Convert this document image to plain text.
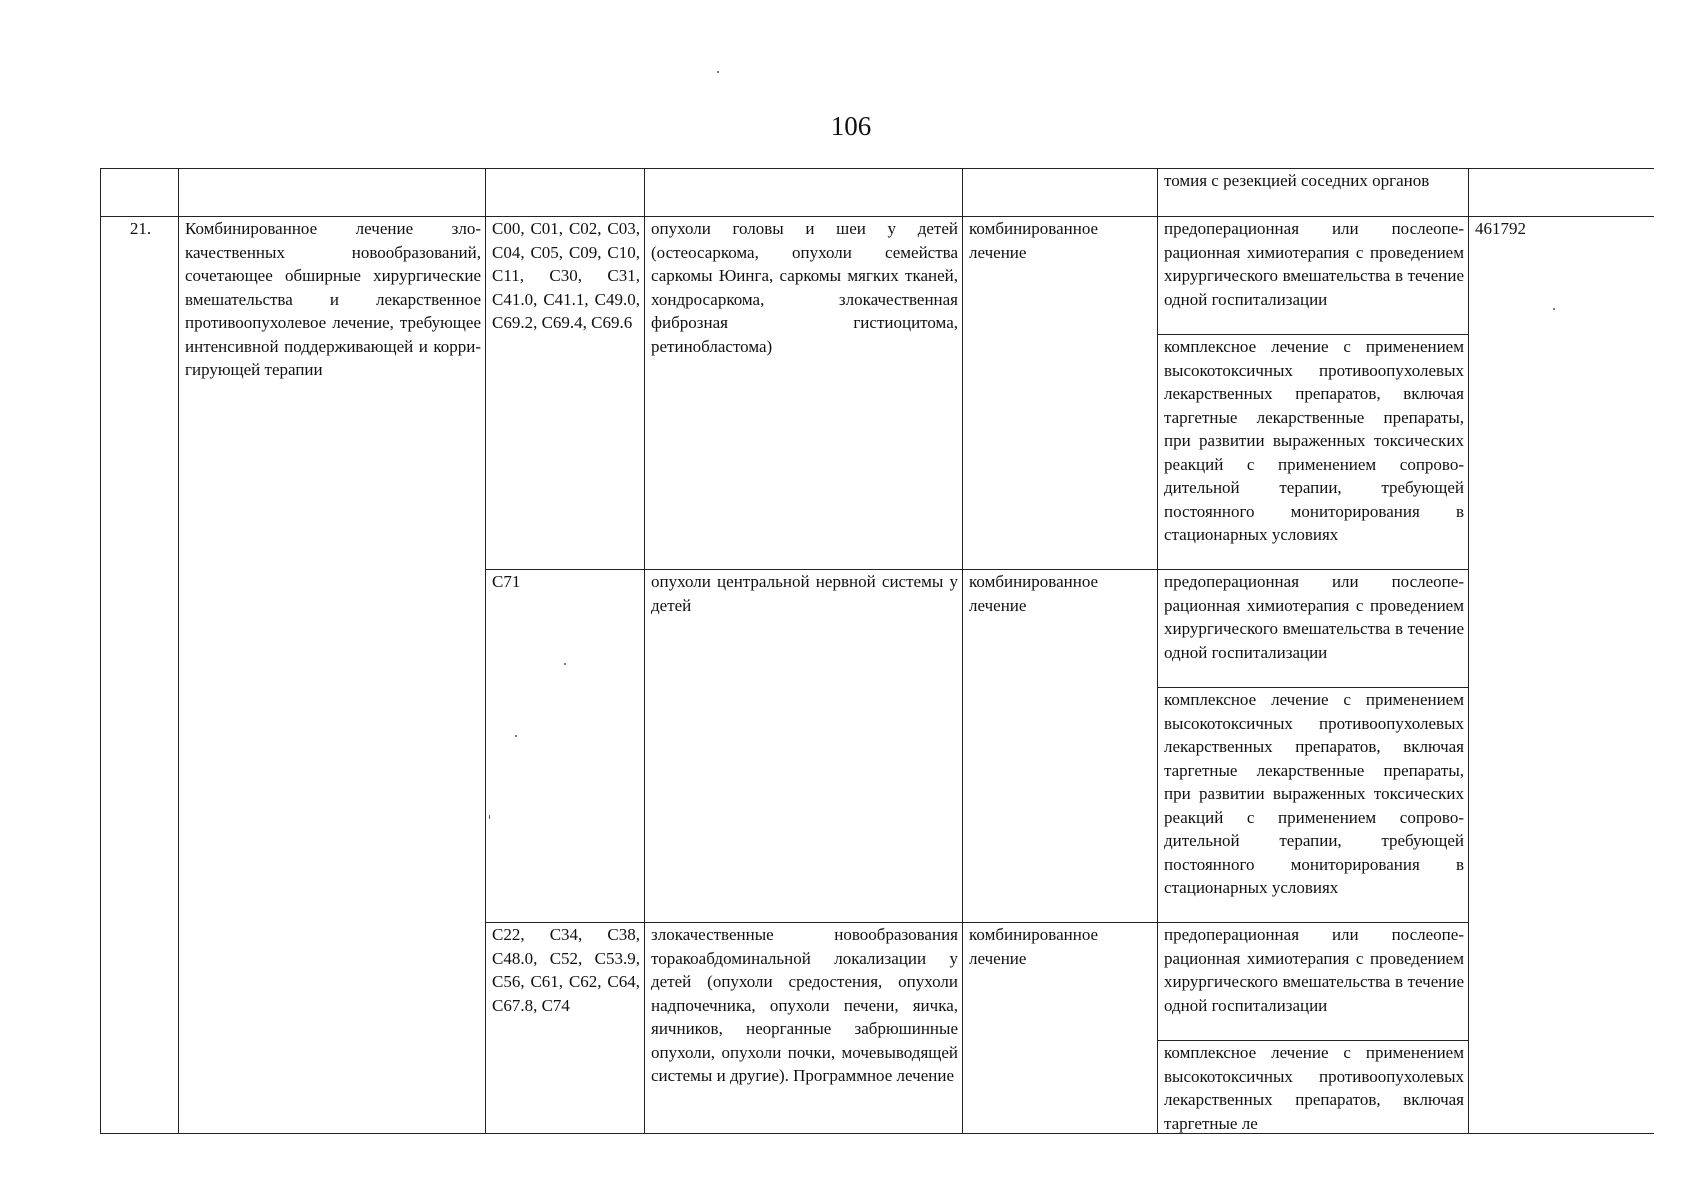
106
					томия с резекцией соседних органов	
21.	Комбинированное лечение злокачественных новообразований, сочетающее обширные хирургические вмешательства и лекарственное противоопухолевое лечение, требующее интенсивной поддерживающей и корригирующей терапии	С00, С01, С02, С03, С04, С05, С09, С10, С11, С30, С31, С41.0, С41.1, С49.0, С69.2, С69.4, С69.6	опухоли головы и шеи у детей (остеосаркома, опухоли семейства саркомы Юинга, саркомы мягких тканей, хондросаркома, злокачественная фиброзная гистиоцитома, ретинобластома)	комбинированное лечение	предоперационная или послеоперационная химиотерапия с проведением хирургического вмешательства в течение одной госпитализации	461792
					комплексное лечение с применением высокотоксичных противоопухолевых лекарственных препаратов, включая таргетные лекарственные препараты, при развитии выраженных токсических реакций с применением сопроводительной терапии, требующей постоянного мониторирования в стационарных условиях	
		С71	опухоли центральной нервной системы у детей	комбинированное лечение	предоперационная или послеоперационная химиотерапия с проведением хирургического вмешательства в течение одной госпитализации	
					комплексное лечение с применением высокотоксичных противоопухолевых лекарственных препаратов, включая таргетные лекарственные препараты, при развитии выраженных токсических реакций с применением сопроводительной терапии, требующей постоянного мониторирования в стационарных условиях	
		С22, С34, С38, С48.0, С52, С53.9, С56, С61, С62, С64, С67.8, С74	злокачественные новообразования торакоабдоминальной локализации у детей (опухоли средостения, опухоли надпочечника, опухоли печени, яичка, яичников, неорганные забрюшинные опухоли, опухоли почки, мочевыводящей системы и другие). Программное лечение	комбинированное лечение	предоперационная или послеоперационная химиотерапия с проведением хирургического вмешательства в течение одной госпитализации	
					комплексное лечение с применением высокотоксичных противоопухолевых лекарственных препаратов, включая таргетные ле	
